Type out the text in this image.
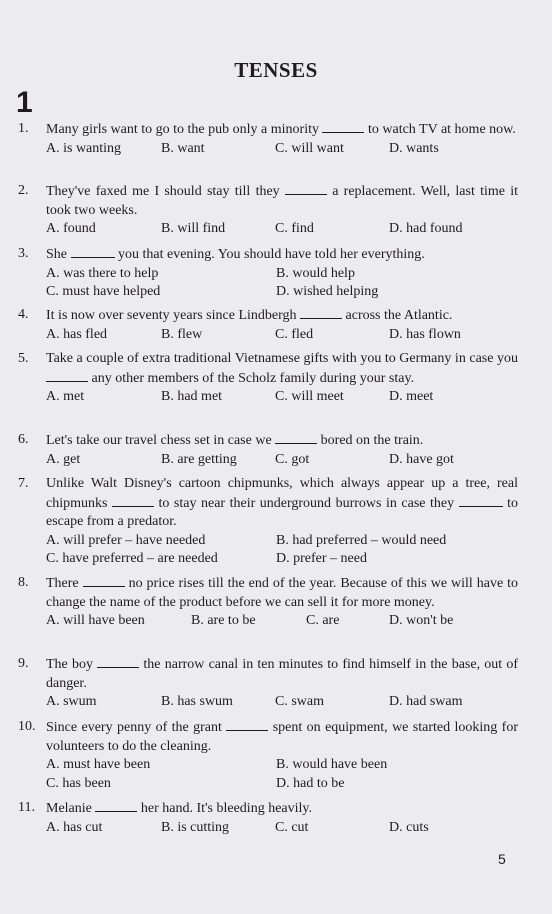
TENSES
1
1.	Many girls want to go to the pub only a minority	to watch TV at home now.
A. is wanting	B. want	C. will want	D. wants
2.	They've faxed me I should stay till they	a replacement. Well, last time it took two weeks.
A. found	B. will find	C. find	D. had found
3.	She	you that evening. You should have told her everything.
A. was there to help	B. would help
C. must have helped	D. wished helping
4.	It is now over seventy years since Lindbergh	across the Atlantic.
A. has fled	B. flew	C. fled	D. has flown
5.	Take a couple of extra traditional Vietnamese gifts with you to Germany in case you  any other members of the Scholz family during your stay.
A. met	B. had met	C. will meet	D. meet
6.	Let's take our travel chess set in case we	bored on the train.
A. get	B. are getting	C. got	D. have got
7.	Unlike Walt Disney's cartoon chipmunks, which always appear up a tree, real chipmunks	to stay near their underground burrows in case they	to escape from a predator.
A. will prefer – have needed	B. had preferred – would need
C. have preferred – are needed	D. prefer – need
8.	There	no price rises till the end of the year. Because of this we will have to change the name of the product before we can sell it for more money.
A. will have been	B. are to be	C. are	D. won't be
9.	The boy	the narrow canal in ten minutes to find himself in the base, out of danger.
A. swum	B. has swum	C. swam	D. had swam
10. Since every penny of the grant	spent on equipment, we started looking for volunteers to do the cleaning.
A. must have been	B. would have been
C. has been	D. had to be
11. Melanie	her hand. It's bleeding heavily.
A. has cut	B. is cutting	C. cut	D. cuts
5
